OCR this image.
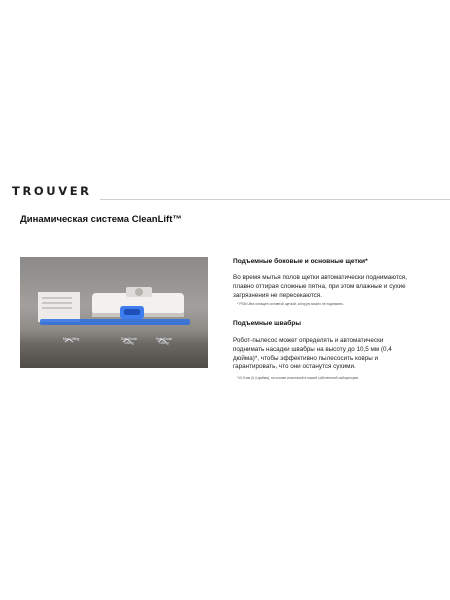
TROUVER
Динамическая система CleanLift™
Mop Lifting	Side Brush
Lifting
Side Brush
Lifting
Подъемные боковые и основные щетки*
Во время мытья полов щетки автоматически поднимаются, плавно оттирая сложные пятна, при этом влажные и сухие загрязнения не пересекаются.
* PSM Ultra оснащен основной щеткой, которую можно не поднимать.
Подъемные швабры
Робот-пылесос может определять и автоматически поднимать насадки швабры на высоту до 10,5 мм (0,4 дюйма)*, чтобы эффективно пылесосить ковры и гарантировать, что они останутся сухими.
*10,5 мм (0,4 дюйма), на основе испытаний в нашей собственной лаборатории
